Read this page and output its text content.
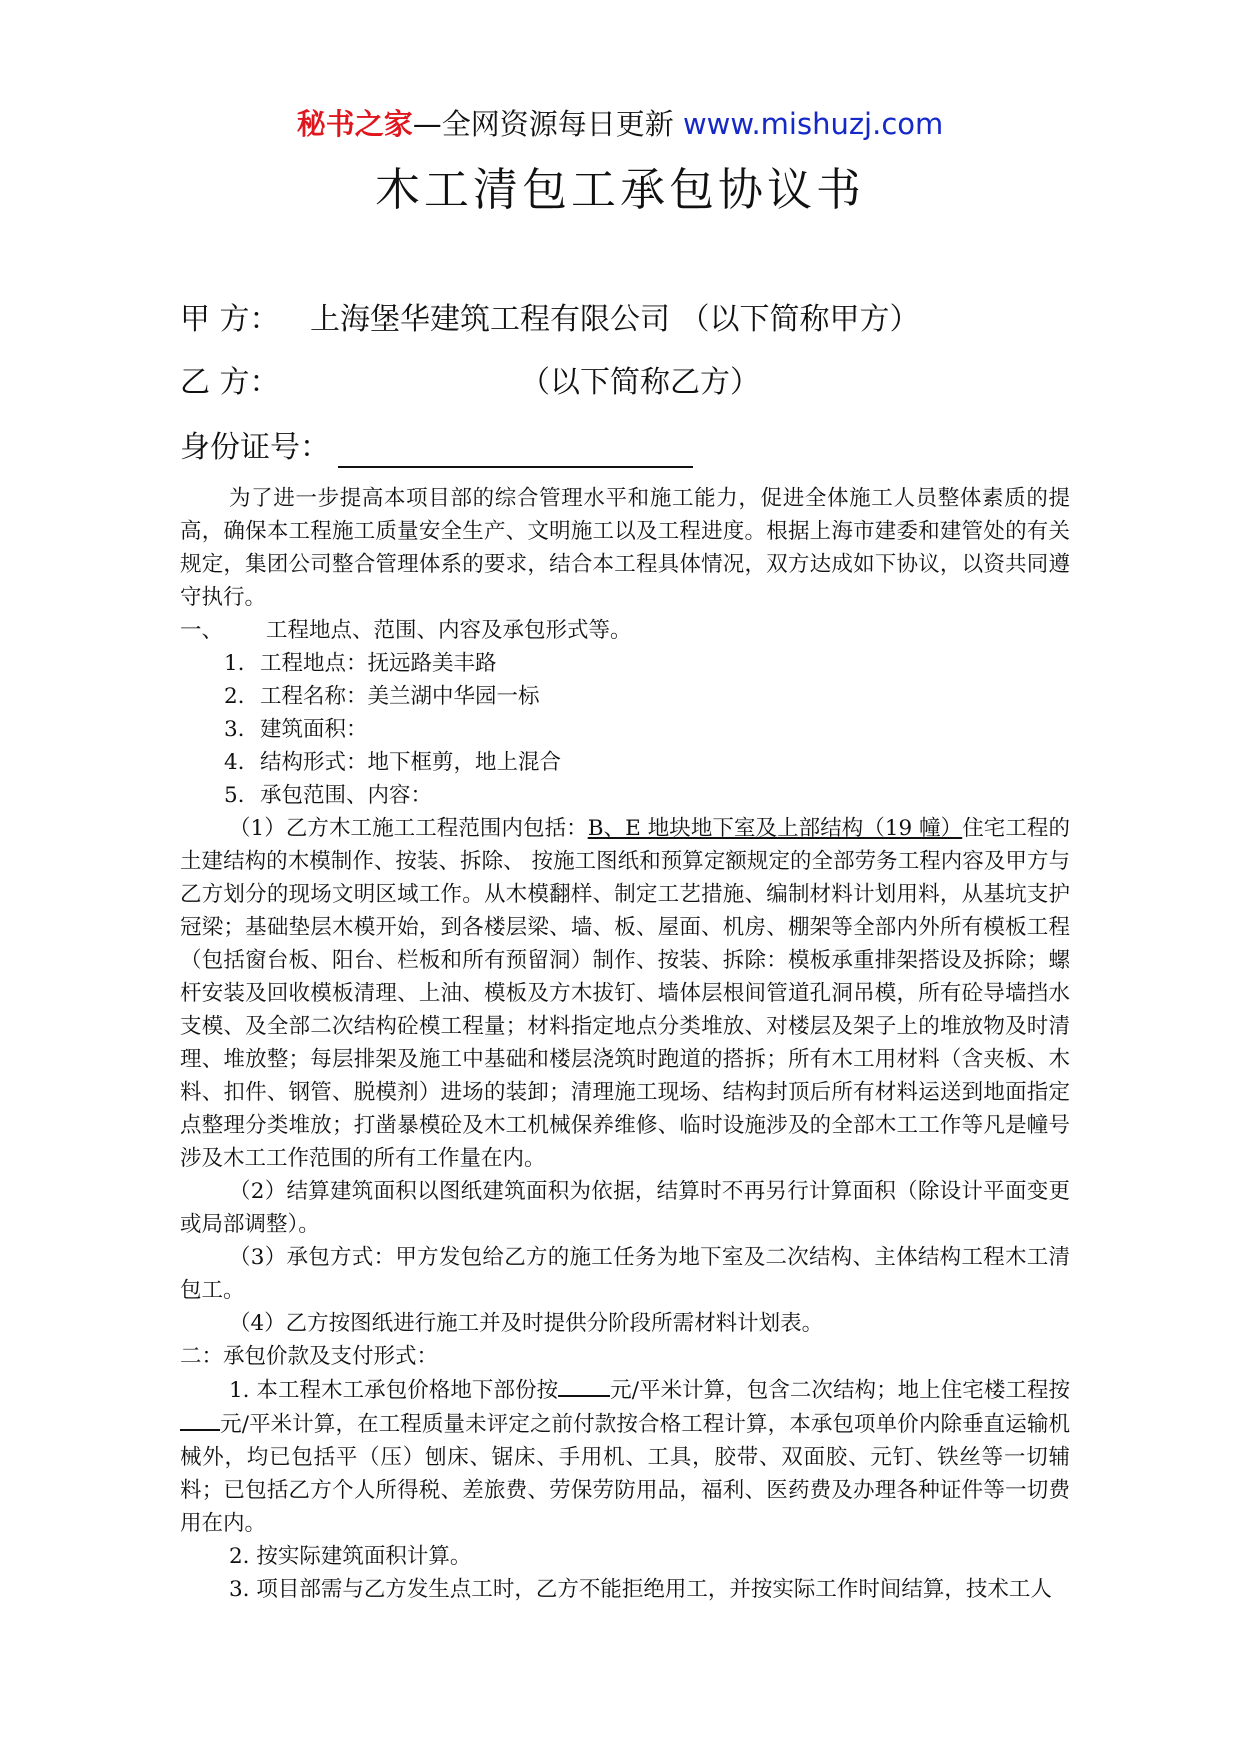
秘书之家—全网资源每日更新 www.mishuzj.com
木工清包工承包协议书
甲 方： 上海堡华建筑工程有限公司 （以下简称甲方）
乙 方：	（以下简称乙方）
身份证号：

为了进一步提高本项目部的综合管理水平和施工能力，促进全体施工人员整体素质的提高，确保本工程施工质量安全生产、文明施工以及工程进度。根据上海市建委和建管处的有关规定，集团公司整合管理体系的要求，结合本工程具体情况，双方达成如下协议，以资共同遵守执行。

一、 工程地点、范围、内容及承包形式等。

1. 工程地点：抚远路美丰路

2. 工程名称：美兰湖中华园一标

3. 建筑面积：

4. 结构形式：地下框剪，地上混合

5. 承包范围、内容：

（1）乙方木工施工工程范围内包括：B、E 地块地下室及上部结构（19 幢）住宅工程的土建结构的木模制作、按装、拆除、 按施工图纸和预算定额规定的全部劳务工程内容及甲方与乙方划分的现场文明区域工作。从木模翻样、制定工艺措施、编制材料计划用料，从基坑支护冠梁；基础垫层木模开始，到各楼层梁、墙、板、屋面、机房、棚架等全部内外所有模板工程（包括窗台板、阳台、栏板和所有预留洞）制作、按装、拆除：模板承重排架搭设及拆除；螺杆安装及回收模板清理、上油、模板及方木拔钉、墙体层根间管道孔洞吊模，所有砼导墙挡水支模、及全部二次结构砼模工程量；材料指定地点分类堆放、对楼层及架子上的堆放物及时清理、堆放整；每层排架及施工中基础和楼层浇筑时跑道的搭拆；所有木工用材料（含夹板、木料、扣件、钢管、脱模剂）进场的装卸；清理施工现场、结构封顶后所有材料运送到地面指定点整理分类堆放；打凿暴模砼及木工机械保养维修、临时设施涉及的全部木工工作等凡是幢号涉及木工工作范围的所有工作量在内。

（2）结算建筑面积以图纸建筑面积为依据，结算时不再另行计算面积（除设计平面变更或局部调整）。

（3）承包方式：甲方发包给乙方的施工任务为地下室及二次结构、主体结构工程木工清包工。

（4）乙方按图纸进行施工并及时提供分阶段所需材料计划表。

二：承包价款及支付形式：

1. 本工程木工承包价格地下部份按 元/平米计算，包含二次结构；地上住宅楼工程按元/平米计算，在工程质量未评定之前付款按合格工程计算，本承包项单价内除垂直运输机械外，均已包括平（压）刨床、锯床、手用机、工具，胶带、双面胶、元钉、铁丝等一切辅料；已包括乙方个人所得税、差旅费、劳保劳防用品，福利、医药费及办理各种证件等一切费用在内。

2. 按实际建筑面积计算。

3. 项目部需与乙方发生点工时，乙方不能拒绝用工，并按实际工作时间结算，技术工人
